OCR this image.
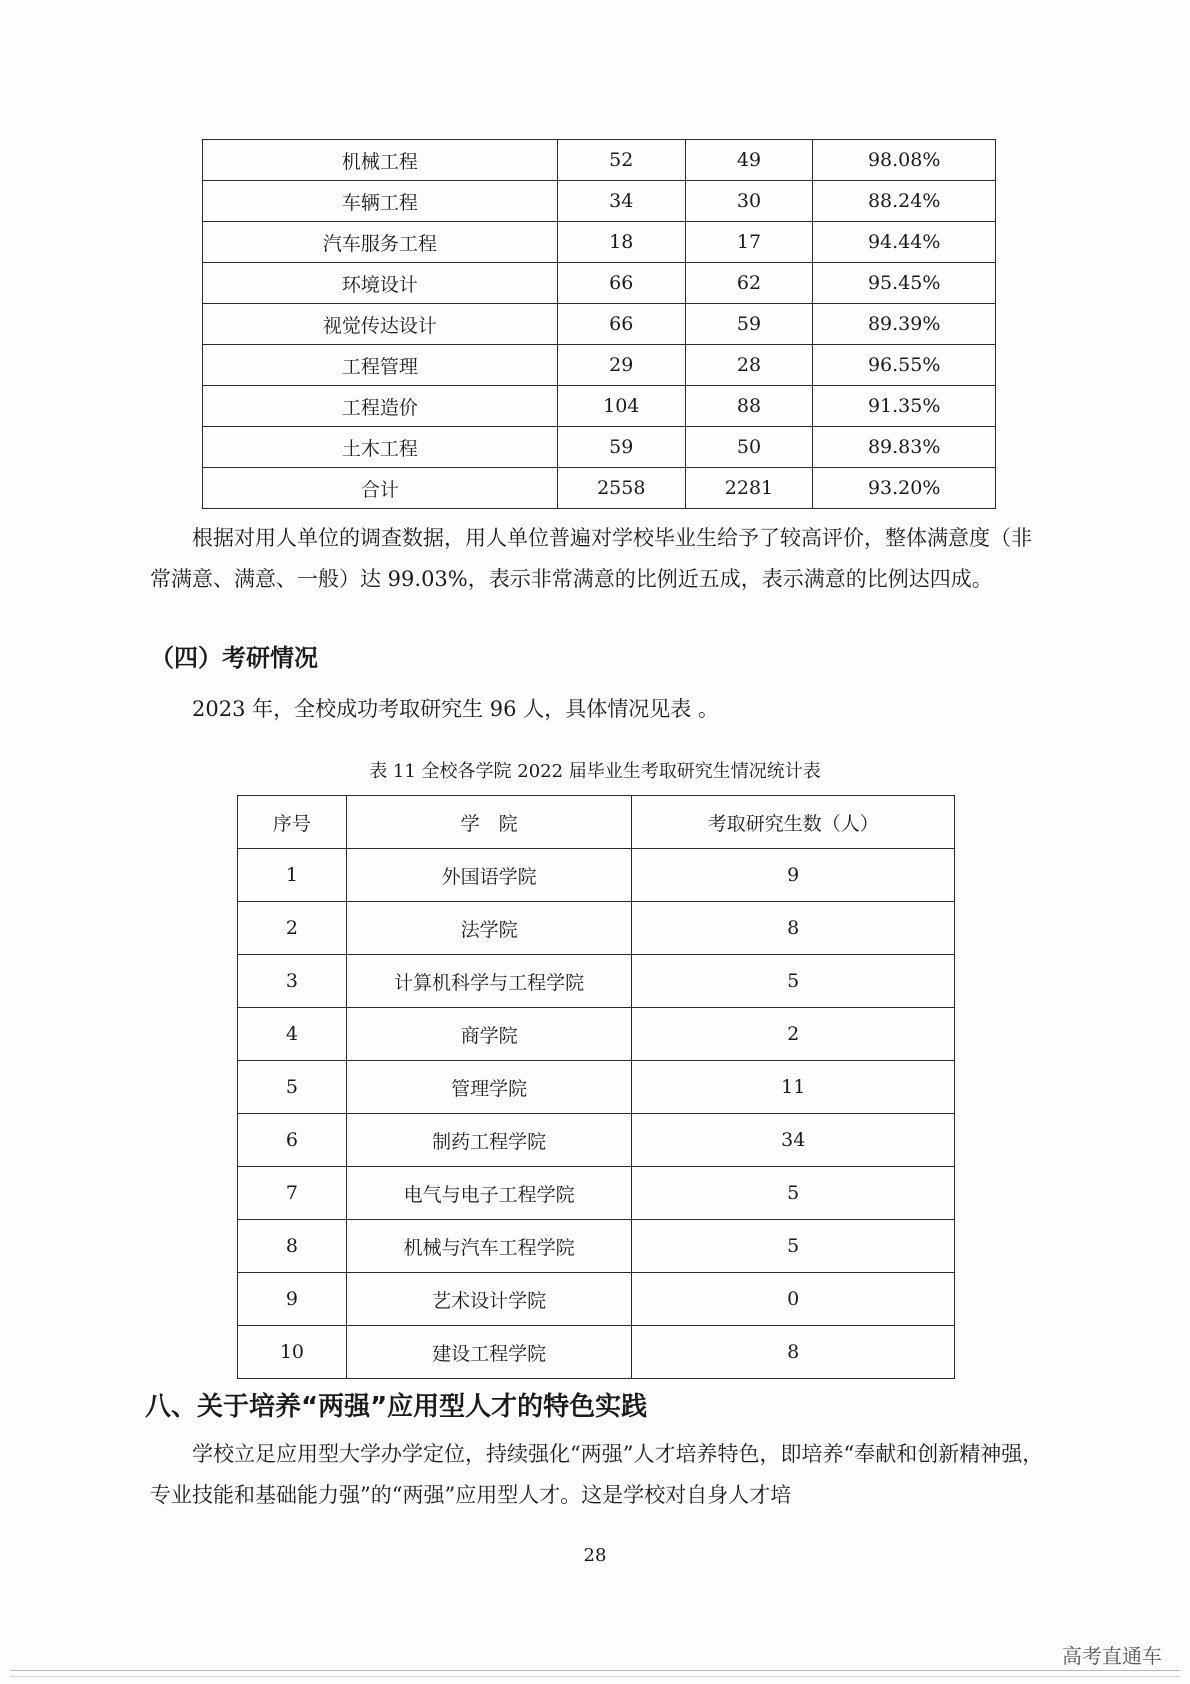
机械工程	52	49	98.08%
车辆工程	34	30	88.24%
汽车服务工程	18	17	94.44%
环境设计	66	62	95.45%
视觉传达设计	66	59	89.39%
工程管理	29	28	96.55%
工程造价	104	88	91.35%
土木工程	59	50	89.83%
合计	2558	2281	93.20%

根据对用人单位的调查数据，用人单位普遍对学校毕业生给予了较高评价，整体满意度（非常满意、满意、一般）达 99.03%，表示非常满意的比例近五成，表示满意的比例达四成。

（四）考研情况

2023 年，全校成功考取研究生 96 人，具体情况见表 。

表 11 全校各学院 2022 届毕业生考取研究生情况统计表

序号	学　院	考取研究生数（人）
1	外国语学院	9
2	法学院	8
3	计算机科学与工程学院	5
4	商学院	2
5	管理学院	11
6	制药工程学院	34
7	电气与电子工程学院	5
8	机械与汽车工程学院	5
9	艺术设计学院	0
10	建设工程学院	8
八、关于培养“两强”应用型人才的特色实践

学校立足应用型大学办学定位，持续强化“两强”人才培养特色，即培养“奉献和创新精神强，专业技能和基础能力强”的“两强”应用型人才。这是学校对自身人才培

28

高考直通车
